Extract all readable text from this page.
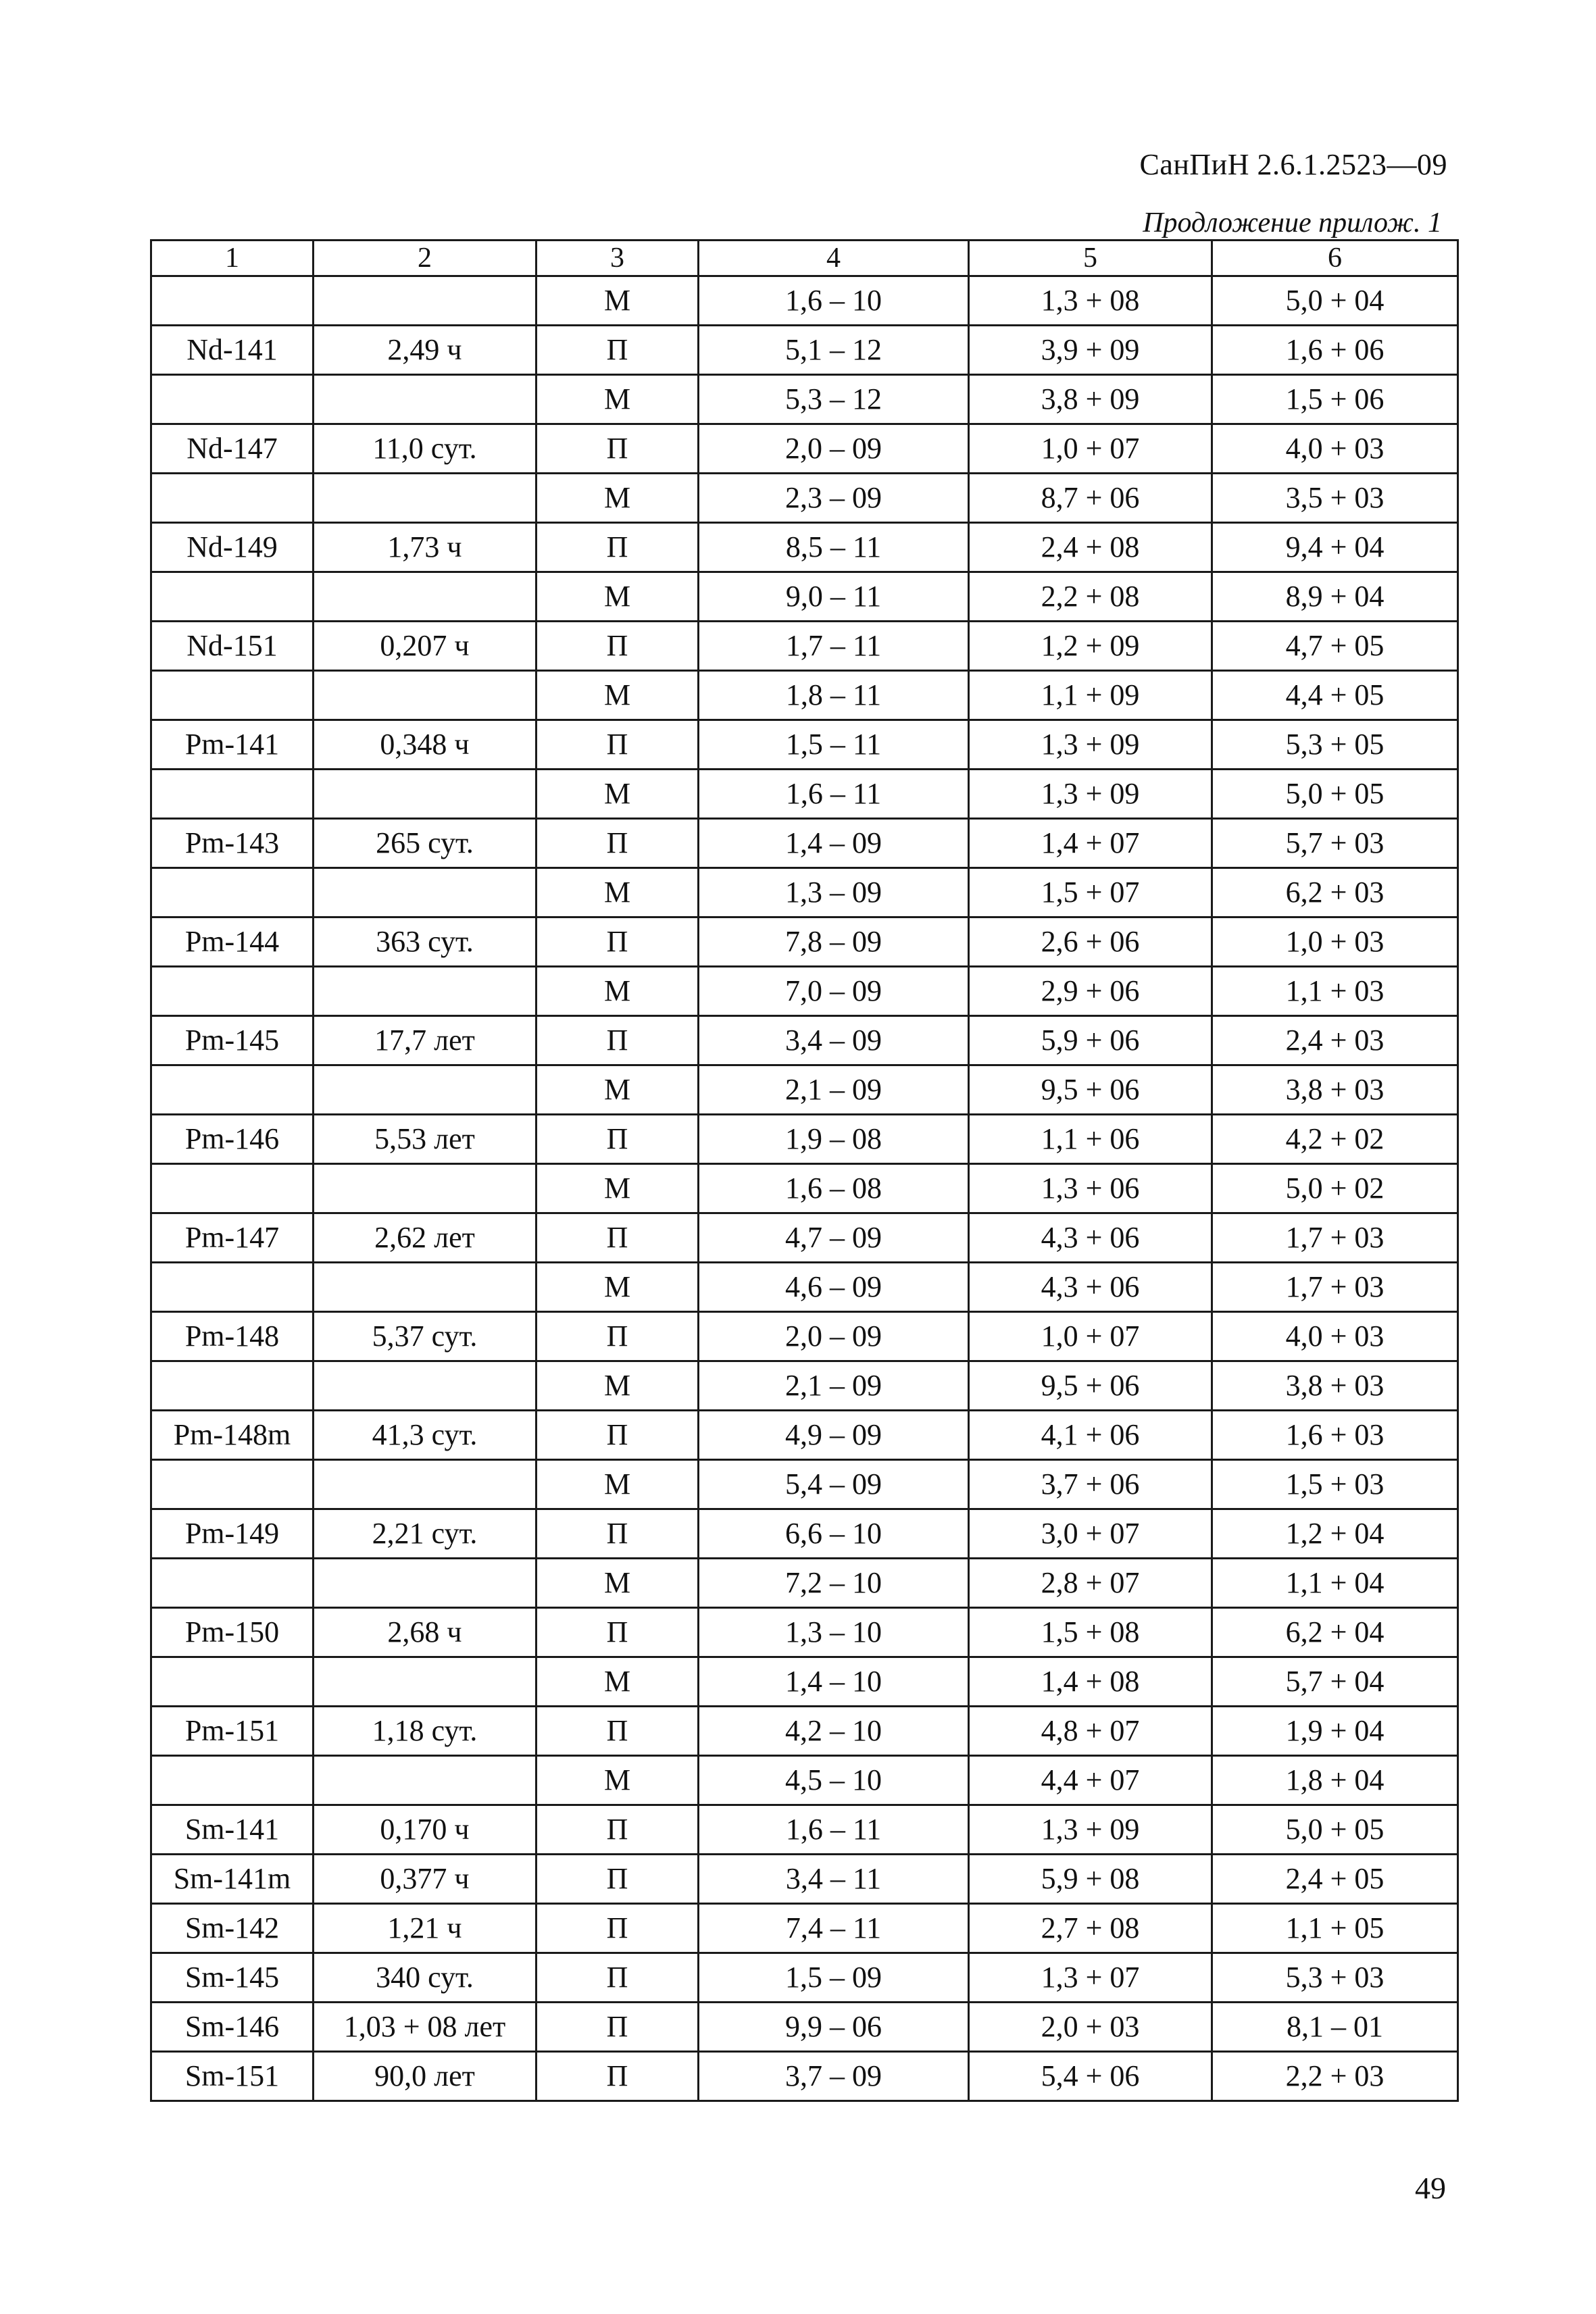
СанПиН 2.6.1.2523—09
Продложение прилож. 1
1	2	3	4	5	6
		М	1,6 – 10	1,3 + 08	5,0 + 04
Nd-141	2,49 ч	П	5,1 – 12	3,9 + 09	1,6 + 06
		М	5,3 – 12	3,8 + 09	1,5 + 06
Nd-147	11,0 сут.	П	2,0 – 09	1,0 + 07	4,0 + 03
		М	2,3 – 09	8,7 + 06	3,5 + 03
Nd-149	1,73 ч	П	8,5 – 11	2,4 + 08	9,4 + 04
		М	9,0 – 11	2,2 + 08	8,9 + 04
Nd-151	0,207 ч	П	1,7 – 11	1,2 + 09	4,7 + 05
		М	1,8 – 11	1,1 + 09	4,4 + 05
Pm-141	0,348 ч	П	1,5 – 11	1,3 + 09	5,3 + 05
		М	1,6 – 11	1,3 + 09	5,0 + 05
Pm-143	265 сут.	П	1,4 – 09	1,4 + 07	5,7 + 03
		М	1,3 – 09	1,5 + 07	6,2 + 03
Pm-144	363 сут.	П	7,8 – 09	2,6 + 06	1,0 + 03
		М	7,0 – 09	2,9 + 06	1,1 + 03
Pm-145	17,7 лет	П	3,4 – 09	5,9 + 06	2,4 + 03
		М	2,1 – 09	9,5 + 06	3,8 + 03
Pm-146	5,53 лет	П	1,9 – 08	1,1 + 06	4,2 + 02
		М	1,6 – 08	1,3 + 06	5,0 + 02
Pm-147	2,62 лет	П	4,7 – 09	4,3 + 06	1,7 + 03
		М	4,6 – 09	4,3 + 06	1,7 + 03
Pm-148	5,37 сут.	П	2,0 – 09	1,0 + 07	4,0 + 03
		М	2,1 – 09	9,5 + 06	3,8 + 03
Pm-148m	41,3 сут.	П	4,9 – 09	4,1 + 06	1,6 + 03
		М	5,4 – 09	3,7 + 06	1,5 + 03
Pm-149	2,21 сут.	П	6,6 – 10	3,0 + 07	1,2 + 04
		М	7,2 – 10	2,8 + 07	1,1 + 04
Pm-150	2,68 ч	П	1,3 – 10	1,5 + 08	6,2 + 04
		М	1,4 – 10	1,4 + 08	5,7 + 04
Pm-151	1,18 сут.	П	4,2 – 10	4,8 + 07	1,9 + 04
		М	4,5 – 10	4,4 + 07	1,8 + 04
Sm-141	0,170 ч	П	1,6 – 11	1,3 + 09	5,0 + 05
Sm-141m	0,377 ч	П	3,4 – 11	5,9 + 08	2,4 + 05
Sm-142	1,21 ч	П	7,4 – 11	2,7 + 08	1,1 + 05
Sm-145	340 сут.	П	1,5 – 09	1,3 + 07	5,3 + 03
Sm-146	1,03 + 08 лет	П	9,9 – 06	2,0 + 03	8,1 – 01
Sm-151	90,0 лет	П	3,7 – 09	5,4 + 06	2,2 + 03
49
